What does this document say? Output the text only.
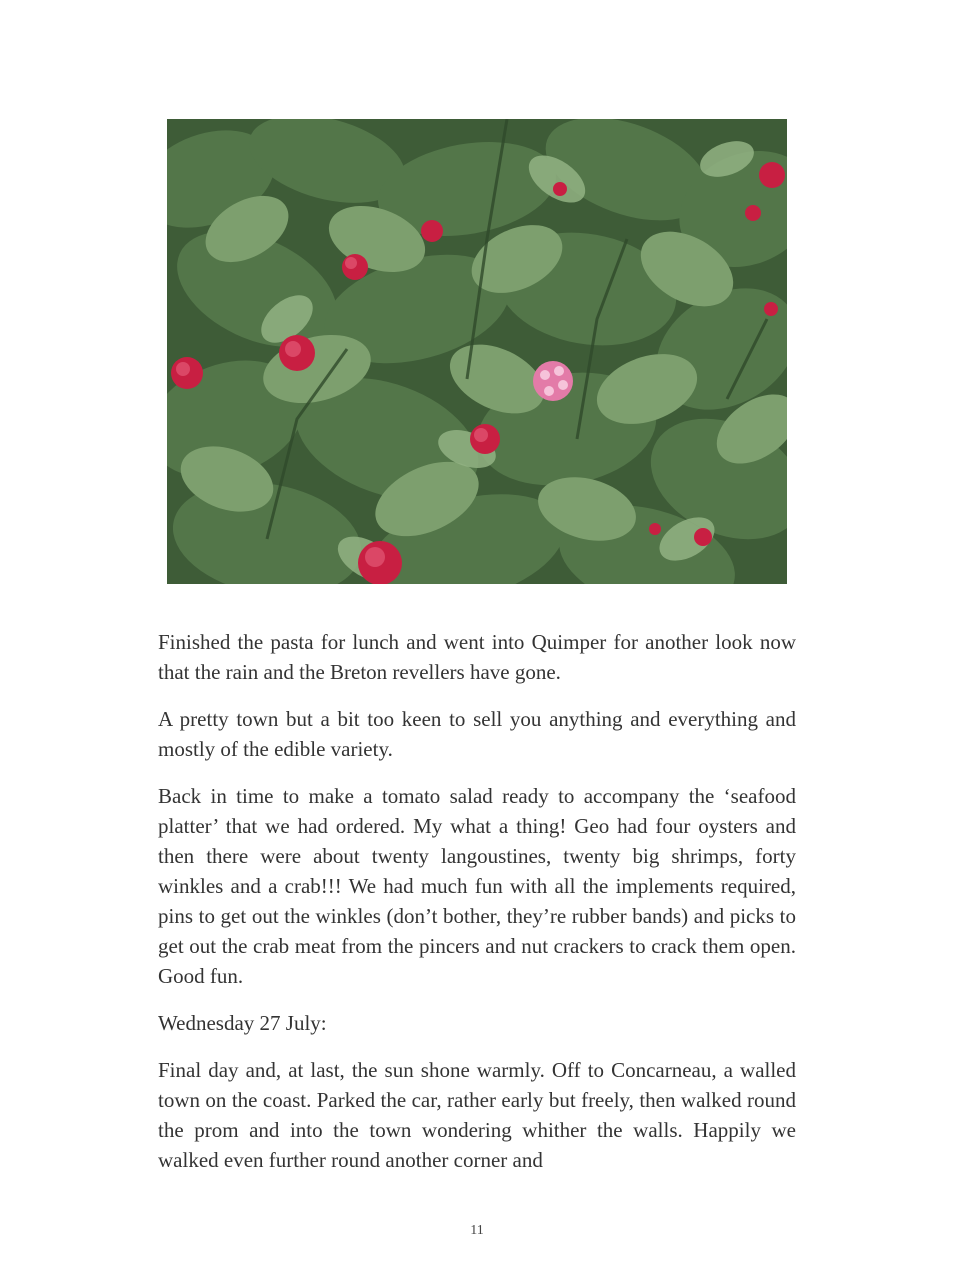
Finished the pasta for lunch and went into Quimper for another look now that the rain and the Breton revellers have gone.

A pretty town but a bit too keen to sell you anything and everything and mostly of the edible variety.

Back in time to make a tomato salad ready to accompany the ‘seafood platter’ that we had ordered. My what a thing! Geo had four oysters and then there were about twenty langoustines, twenty big shrimps, forty winkles and a crab!!! We had much fun with all the implements required, pins to get out the winkles (don’t bother, they’re rubber bands) and picks to get out the crab meat from the pincers and nut crackers to crack them open. Good fun.

Wednesday 27 July:

Final day and, at last, the sun shone warmly. Off to Concarneau, a walled town on the coast. Parked the car, rather early but freely, then walked round the prom and into the town wondering whither the walls. Happily we walked even further round another corner and

11
